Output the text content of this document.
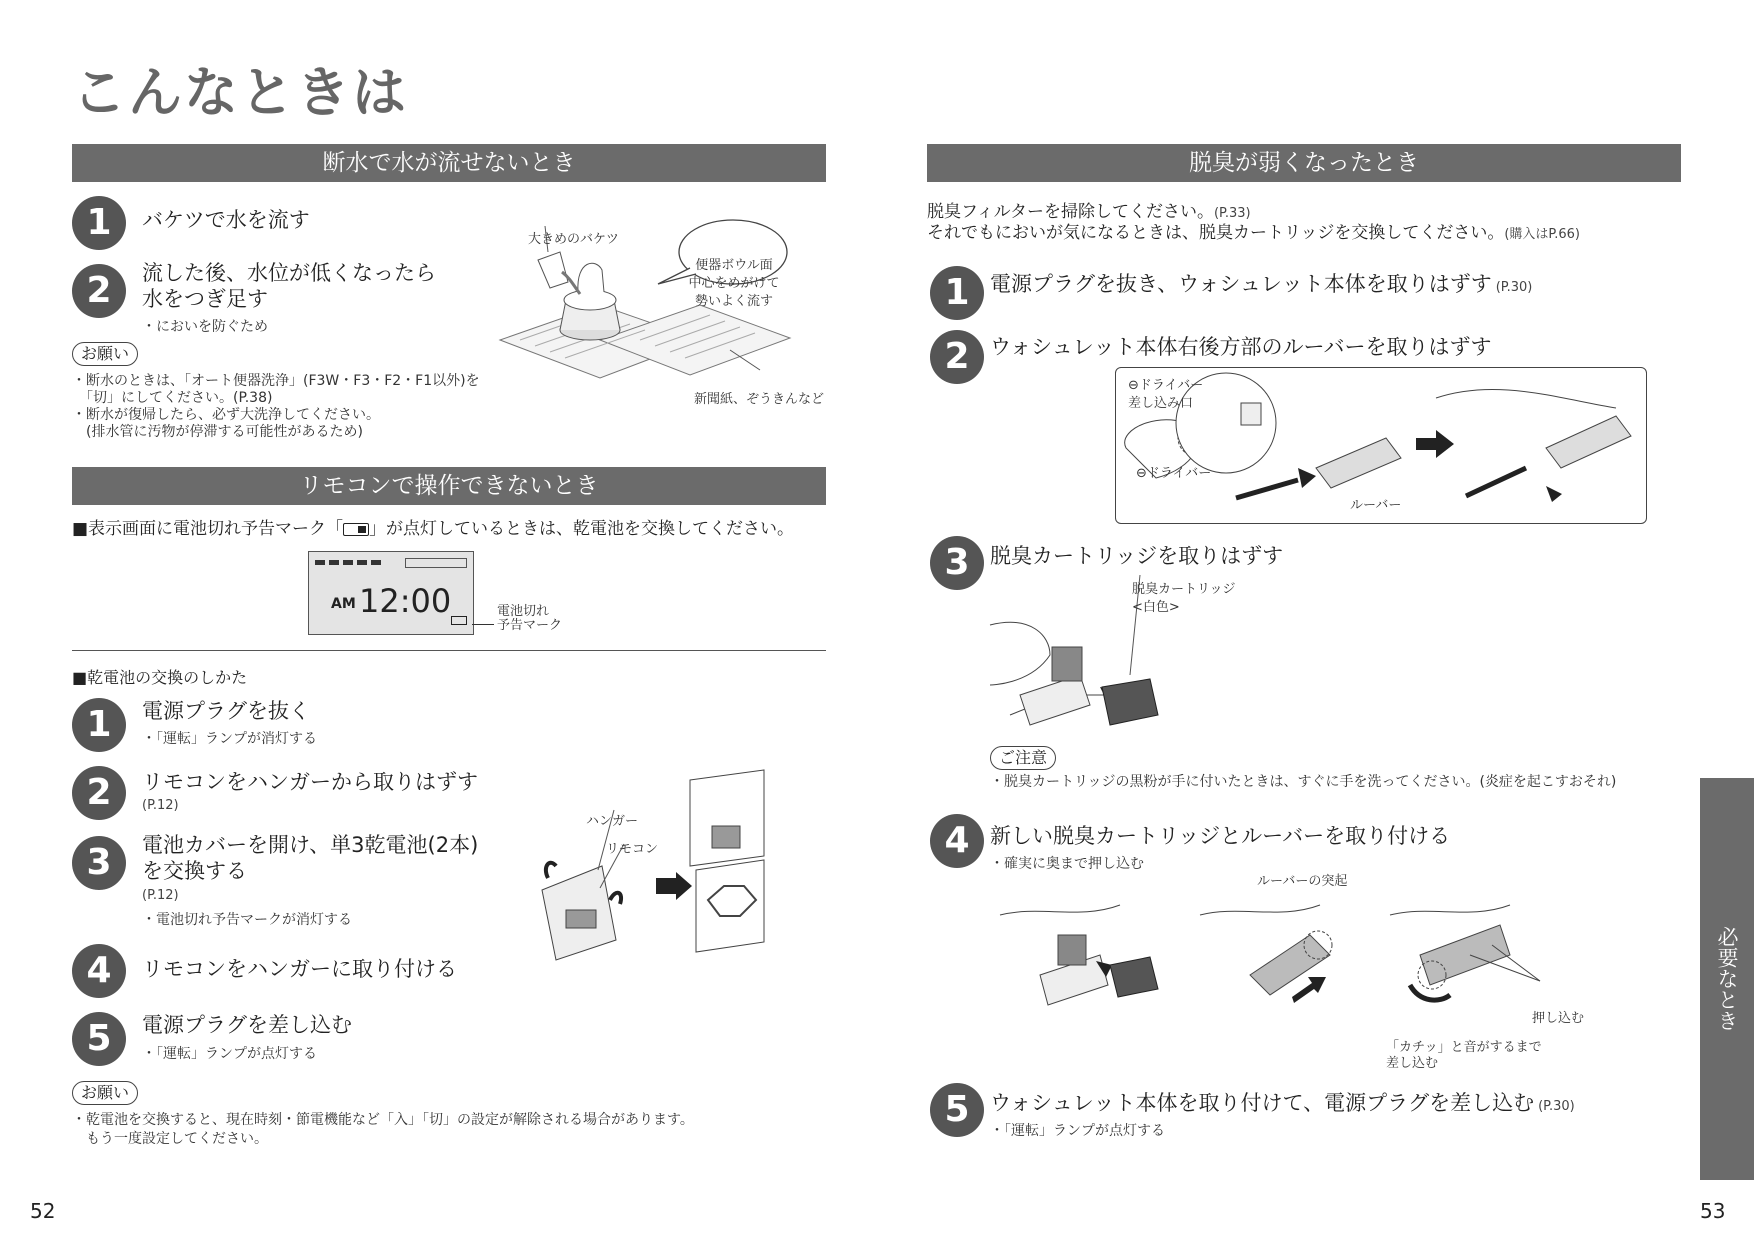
こんなときは
断水で水が流せないとき
1	バケツで水を流す
2	流した後、水位が低くなったら
水をつぎ足す
・においを防ぐため
大きめのバケツ
便器ボウル面
中心をめがけて
勢いよく流す
新聞紙、ぞうきんなど
お願い
・断水のときは、「オート便器洗浄」(F3W・F3・F2・F1以外)を
　「切」にしてください。(P.38)
・断水が復帰したら、必ず大洗浄してください。
　(排水管に汚物が停滞する可能性があるため)
リモコンで操作できないとき
■表示画面に電池切れ予告マーク「 」が点灯しているときは、乾電池を交換してください。
AM 12:00	電池切れ
予告マーク
■乾電池の交換のしかた
1	電源プラグを抜く
・「運転」ランプが消灯する
2	リモコンをハンガーから取りはずす
(P.12)
3	電池カバーを開け、単3乾電池(2本)
を交換する
(P.12)
・電池切れ予告マークが消灯する
4	リモコンをハンガーに取り付ける
5	電源プラグを差し込む
・「運転」ランプが点灯する
ハンガー
リモコン
お願い
・乾電池を交換すると、現在時刻・節電機能など「入」「切」の設定が解除される場合があります。
　もう一度設定してください。
52
脱臭が弱くなったとき
脱臭フィルターを掃除してください。(P.33)
それでもにおいが気になるときは、脱臭カートリッジを交換してください。(購入はP.66)
1 電源プラグを抜き、ウォシュレット本体を取りはずす (P.30)
2 ウォシュレット本体右後方部のルーバーを取りはずす
⊖ドライバー
差し込み口
⊖ドライバー
ルーバー
3 脱臭カートリッジを取りはずす
脱臭カートリッジ
<白色>
ご注意
・脱臭カートリッジの黒粉が手に付いたときは、すぐに手を洗ってください。(炎症を起こすおそれ)
4 新しい脱臭カートリッジとルーバーを取り付ける
・確実に奥まで押し込む
ルーバーの突起
押し込む
「カチッ」と音がするまで
差し込む
5 ウォシュレット本体を取り付けて、電源プラグを差し込む (P.30)
・「運転」ランプが点灯する
必要なとき
53
